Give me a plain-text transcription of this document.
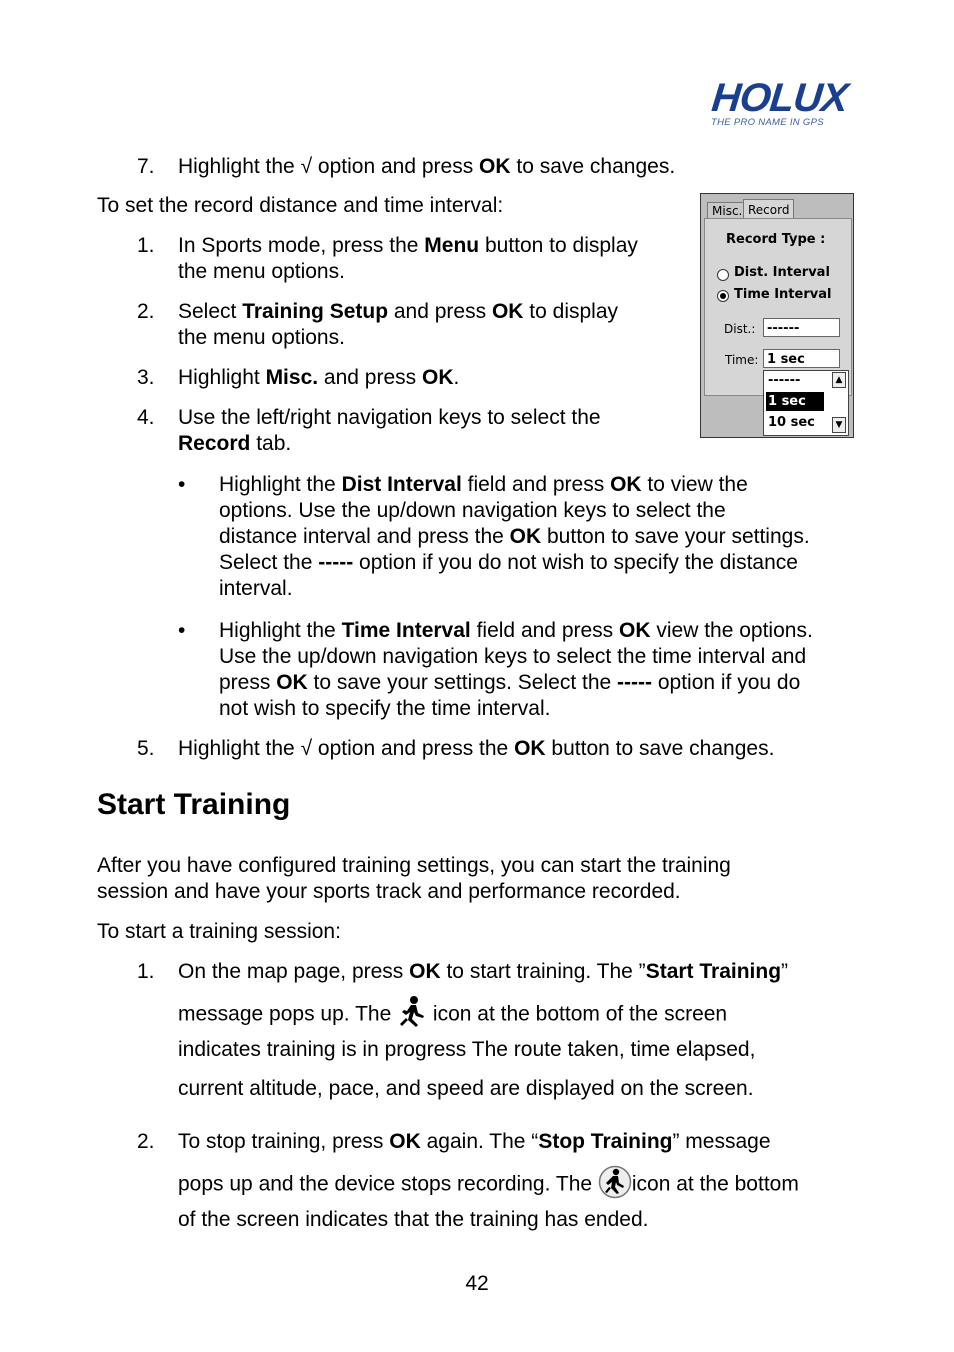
HOLUX
THE PRO NAME IN GPS
7. Highlight the √ option and press OK to save changes.
To set the record distance and time interval:
1. In Sports mode, press the Menu button to display
the menu options.
2. Select Training Setup and press OK to display
the menu options.
3. Highlight Misc. and press OK.
4. Use the left/right navigation keys to select the
Record tab.
• Highlight the Dist Interval field and press OK to view the
options. Use the up/down navigation keys to select the
distance interval and press the OK button to save your settings.
Select the ----- option if you do not wish to specify the distance
interval.
• Highlight the Time Interval field and press OK view the options.
Use the up/down navigation keys to select the time interval and
press OK to save your settings. Select the ----- option if you do
not wish to specify the time interval.
5. Highlight the √ option and press the OK button to save changes.
Start Training
After you have configured training settings, you can start the training
session and have your sports track and performance recorded.
To start a training session:
1. On the map page, press OK to start training. The ”Start Training”
message pops up. The  icon at the bottom of the screen
indicates training is in progress The route taken, time elapsed,
current altitude, pace, and speed are displayed on the screen.
2. To stop training, press OK again. The “Stop Training” message
pops up and the device stops recording. The icon at the bottom
of the screen indicates that the training has ended.
Misc. Record
Record Type :
Dist. Interval
Time Interval
Dist.: ------
Time: 1 sec
------
1 sec
10 sec
▲
▼
42
